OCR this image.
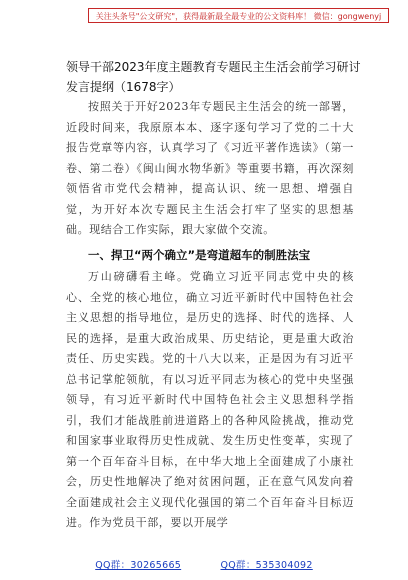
关注头条号"公文研究"，获得最新最全最专业的公文资料库！ 微信：gongwenyj
领导干部2023年度主题教育专题民主生活会前学习研讨发言提纲（1678字）
按照关于开好2023年专题民主生活会的统一部署，近段时间来，我原原本本、逐字逐句学习了党的二十大报告党章等内容，认真学习了《习近平著作选读》（第一卷、第二卷）《闽山闽水物华新》等重要书籍，再次深刻领悟省市党代会精神，提高认识、统一思想、增强自觉，为开好本次专题民主生活会打牢了坚实的思想基础。现结合工作实际，跟大家做个交流。
一、捍卫“两个确立”是弯道超车的制胜法宝
万山磅礴看主峰。党确立习近平同志党中央的核心、全党的核心地位，确立习近平新时代中国特色社会主义思想的指导地位，是历史的选择、时代的选择、人民的选择，是重大政治成果、历史结论，更是重大政治责任、历史实践。党的十八大以来，正是因为有习近平总书记掌舵领航，有以习近平同志为核心的党中央坚强领导，有习近平新时代中国特色社会主义思想科学指引，我们才能战胜前进道路上的各种风险挑战，推动党和国家事业取得历史性成就、发生历史性变革，实现了第一个百年奋斗目标，在中华大地上全面建成了小康社会，历史性地解决了绝对贫困问题，正在意气风发向着全面建成社会主义现代化强国的第二个百年奋斗目标迈进。作为党员干部，要以开展学
QQ群：30265665	QQ群：535304092
